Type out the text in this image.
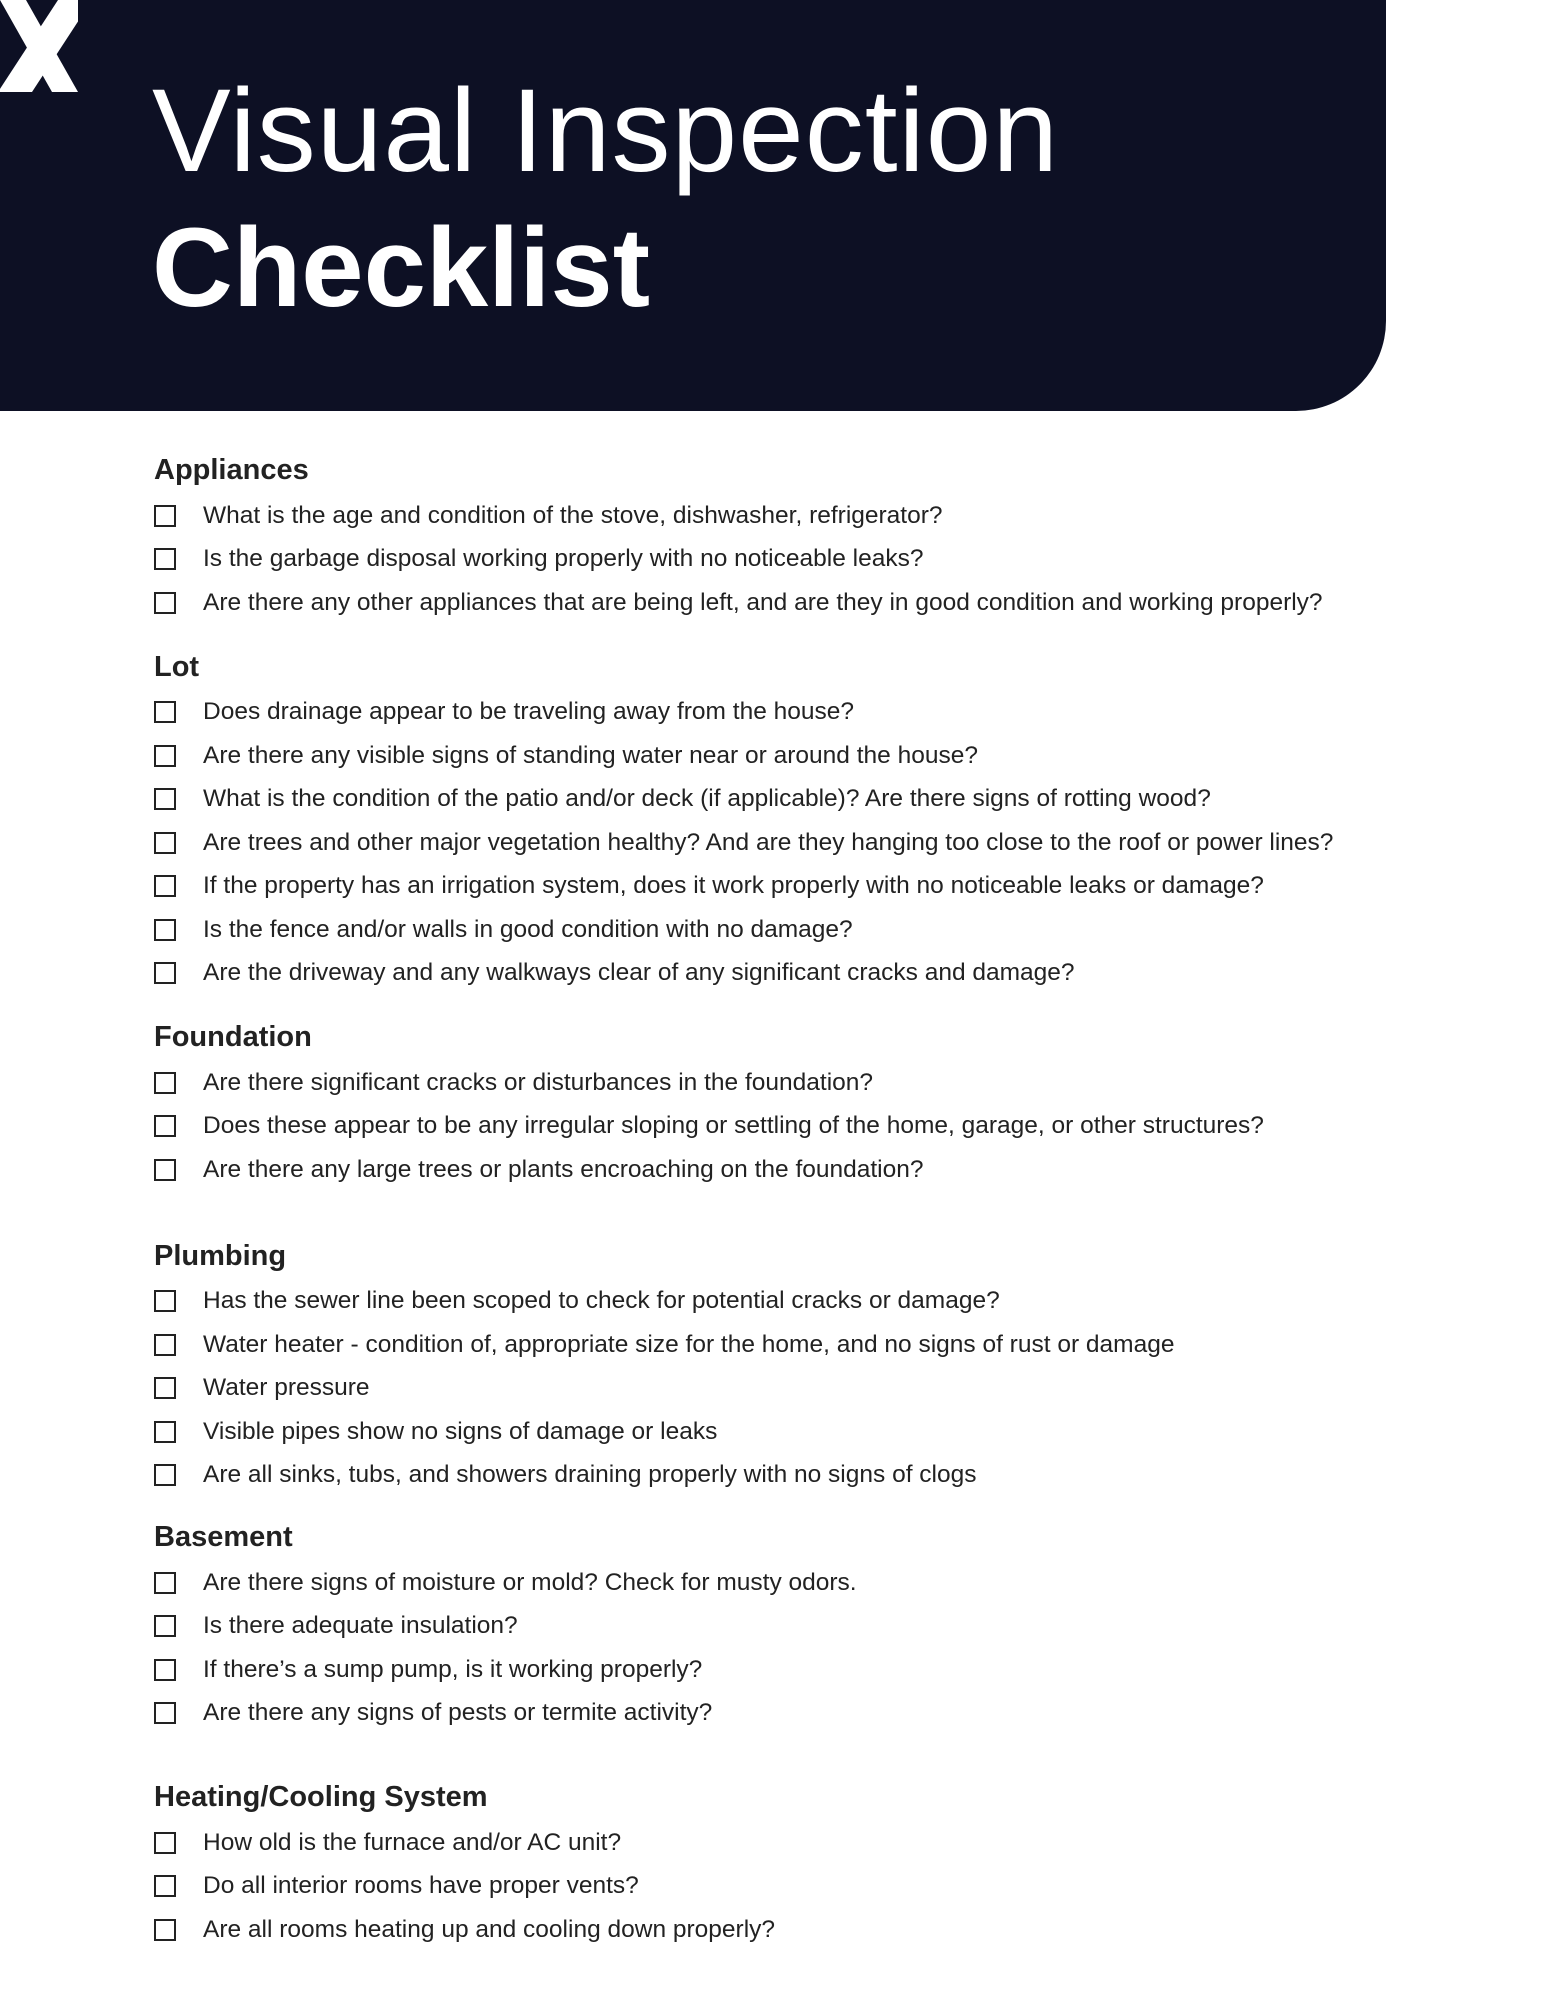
Visual Inspection
Checklist
Appliances
What is the age and condition of the stove, dishwasher, refrigerator?
Is the garbage disposal working properly with no noticeable leaks?
Are there any other appliances that are being left, and are they in good condition and working properly?
Lot
Does drainage appear to be traveling away from the house?
Are there any visible signs of standing water near or around the house?
What is the condition of the patio and/or deck (if applicable)? Are there signs of rotting wood?
Are trees and other major vegetation healthy? And are they hanging too close to the roof or power lines?
If the property has an irrigation system, does it work properly with no noticeable leaks or damage?
Is the fence and/or walls in good condition with no damage?
Are the driveway and any walkways clear of any significant cracks and damage?
Foundation
Are there significant cracks or disturbances in the foundation?
Does these appear to be any irregular sloping or settling of the home, garage, or other structures?
Are there any large trees or plants encroaching on the foundation?
Plumbing
Has the sewer line been scoped to check for potential cracks or damage?
Water heater - condition of, appropriate size for the home, and no signs of rust or damage
Water pressure
Visible pipes show no signs of damage or leaks
Are all sinks, tubs, and showers draining properly with no signs of clogs
Basement
Are there signs of moisture or mold? Check for musty odors.
Is there adequate insulation?
If there’s a sump pump, is it working properly?
Are there any signs of pests or termite activity?
Heating/Cooling System
How old is the furnace and/or AC unit?
Do all interior rooms have proper vents?
Are all rooms heating up and cooling down properly?
